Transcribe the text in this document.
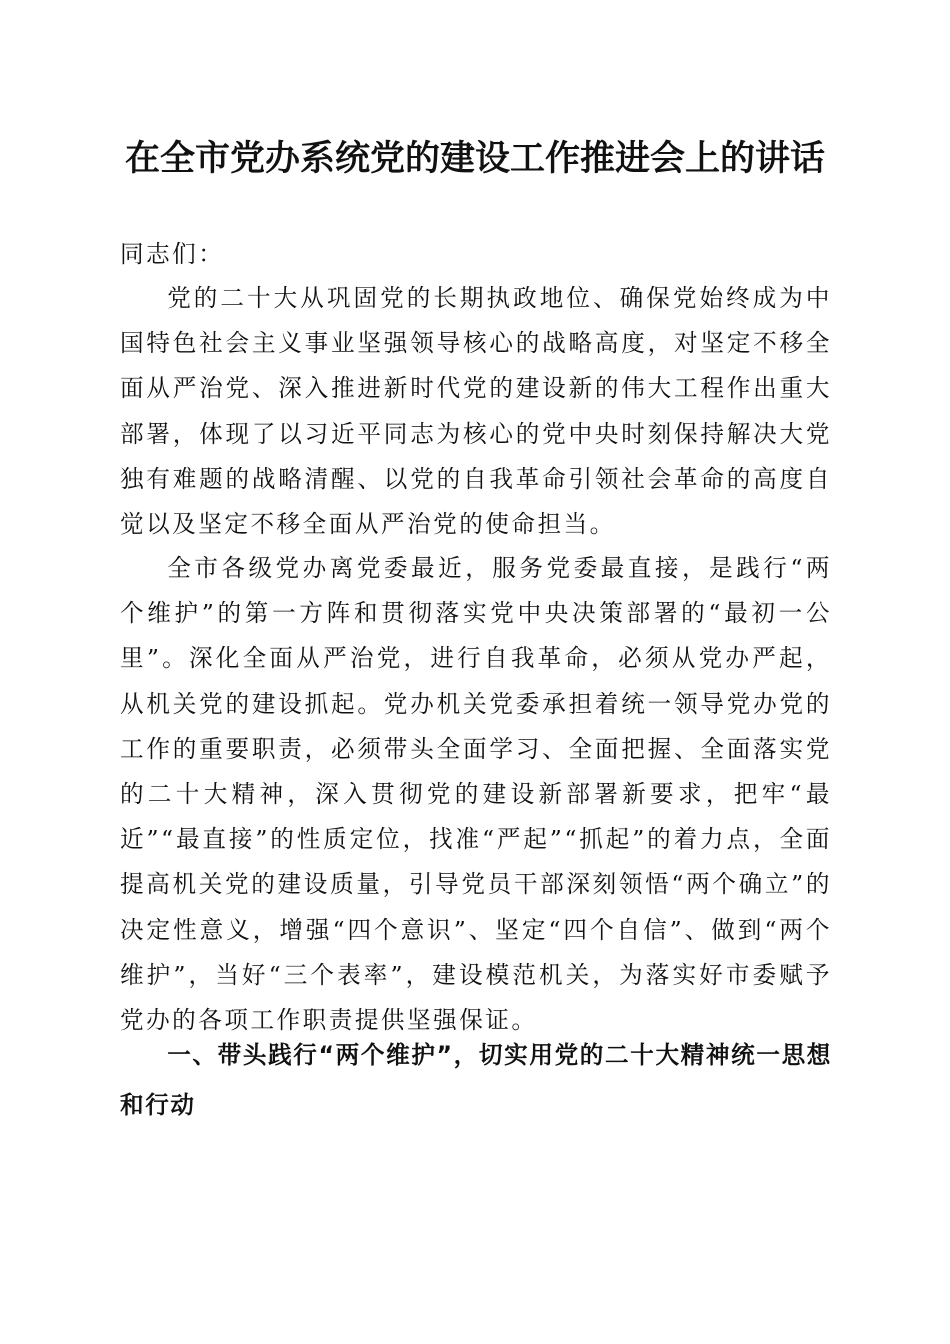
在全市党办系统党的建设工作推进会上的讲话

同志们：

党的二十大从巩固党的长期执政地位、确保党始终成为中国特色社会主义事业坚强领导核心的战略高度，对坚定不移全面从严治党、深入推进新时代党的建设新的伟大工程作出重大部署，体现了以习近平同志为核心的党中央时刻保持解决大党独有难题的战略清醒、以党的自我革命引领社会革命的高度自觉以及坚定不移全面从严治党的使命担当。

全市各级党办离党委最近，服务党委最直接，是践行“两个维护”的第一方阵和贯彻落实党中央决策部署的“最初一公里”。深化全面从严治党，进行自我革命，必须从党办严起，从机关党的建设抓起。党办机关党委承担着统一领导党办党的工作的重要职责，必须带头全面学习、全面把握、全面落实党的二十大精神，深入贯彻党的建设新部署新要求，把牢“最近”“最直接”的性质定位，找准“严起”“抓起”的着力点，全面提高机关党的建设质量，引导党员干部深刻领悟“两个确立”的决定性意义，增强“四个意识”、坚定“四个自信”、做到“两个维护”，当好“三个表率”，建设模范机关，为落实好市委赋予党办的各项工作职责提供坚强保证。

一、带头践行“两个维护”，切实用党的二十大精神统一思想和行动
